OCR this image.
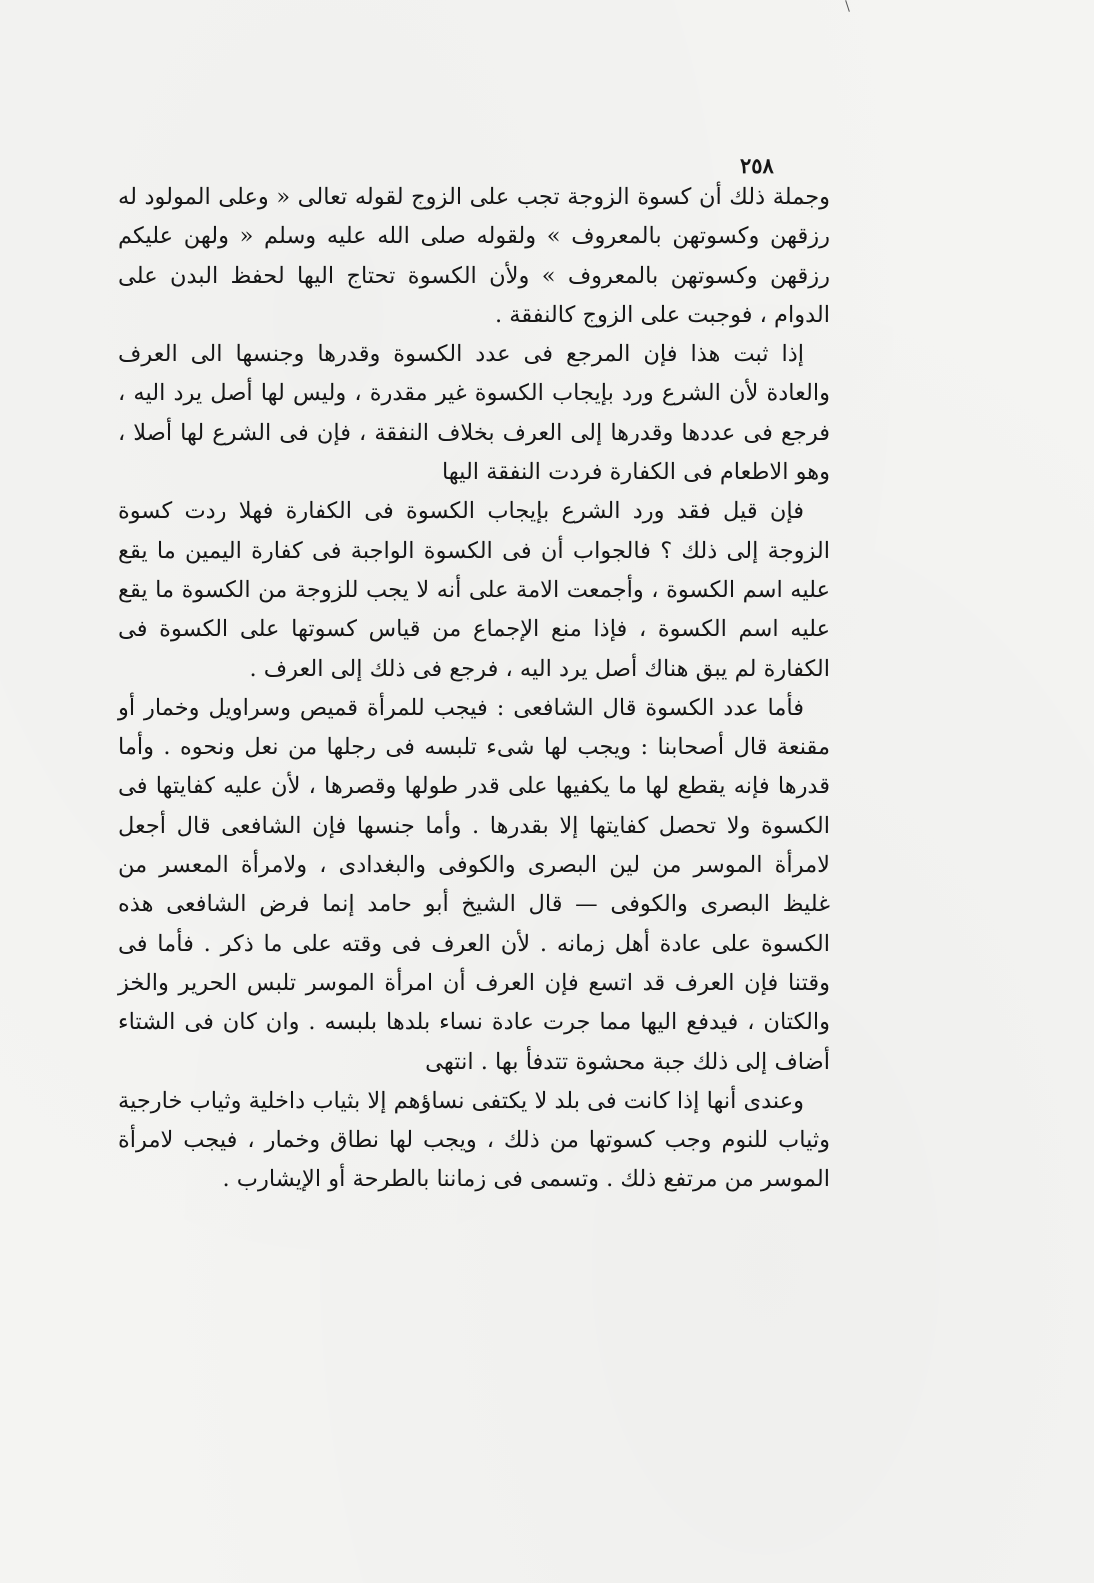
٢٥٨

وجملة ذلك أن كسوة الزوجة تجب على الزوج لقوله تعالى « وعلى المولود له رزقهن وكسوتهن بالمعروف » ولقوله صلى الله عليه وسلم « ولهن عليكم رزقهن وكسوتهن بالمعروف » ولأن الكسوة تحتاج اليها لحفظ البدن على الدوام ، فوجبت على الزوج كالنفقة .

إذا ثبت هذا فإن المرجع فى عدد الكسوة وقدرها وجنسها الى العرف والعادة لأن الشرع ورد بإيجاب الكسوة غير مقدرة ، وليس لها أصل يرد اليه ، فرجع فى عددها وقدرها إلى العرف بخلاف النفقة ، فإن فى الشرع لها أصلا ، وهو الاطعام فى الكفارة فردت النفقة اليها

فإن قيل فقد ورد الشرع بإيجاب الكسوة فى الكفارة فهلا ردت كسوة الزوجة إلى ذلك ؟ فالجواب أن فى الكسوة الواجبة فى كفارة اليمين ما يقع عليه اسم الكسوة ، وأجمعت الامة على أنه لا يجب للزوجة من الكسوة ما يقع عليه اسم الكسوة ، فإذا منع الإجماع من قياس كسوتها على الكسوة فى الكفارة لم يبق هناك أصل يرد اليه ، فرجع فى ذلك إلى العرف .

فأما عدد الكسوة قال الشافعى : فيجب للمرأة قميص وسراويل وخمار أو مقنعة قال أصحابنا : ويجب لها شىء تلبسه فى رجلها من نعل ونحوه . وأما قدرها فإنه يقطع لها ما يكفيها على قدر طولها وقصرها ، لأن عليه كفايتها فى الكسوة ولا تحصل كفايتها إلا بقدرها . وأما جنسها فإن الشافعى قال أجعل لامرأة الموسر من لين البصرى والكوفى والبغدادى ، ولامرأة المعسر من غليظ البصرى والكوفى — قال الشيخ أبو حامد إنما فرض الشافعى هذه الكسوة على عادة أهل زمانه . لأن العرف فى وقته على ما ذكر . فأما فى وقتنا فإن العرف قد اتسع فإن العرف أن امرأة الموسر تلبس الحرير والخز والكتان ، فيدفع اليها مما جرت عادة نساء بلدها بلبسه . وان كان فى الشتاء أضاف إلى ذلك جبة محشوة تتدفأ بها . انتهى

وعندى أنها إذا كانت فى بلد لا يكتفى نساؤهم إلا بثياب داخلية وثياب خارجية وثياب للنوم وجب كسوتها من ذلك ، ويجب لها نطاق وخمار ، فيجب لامرأة الموسر من مرتفع ذلك . وتسمى فى زماننا بالطرحة أو الإيشارب .
